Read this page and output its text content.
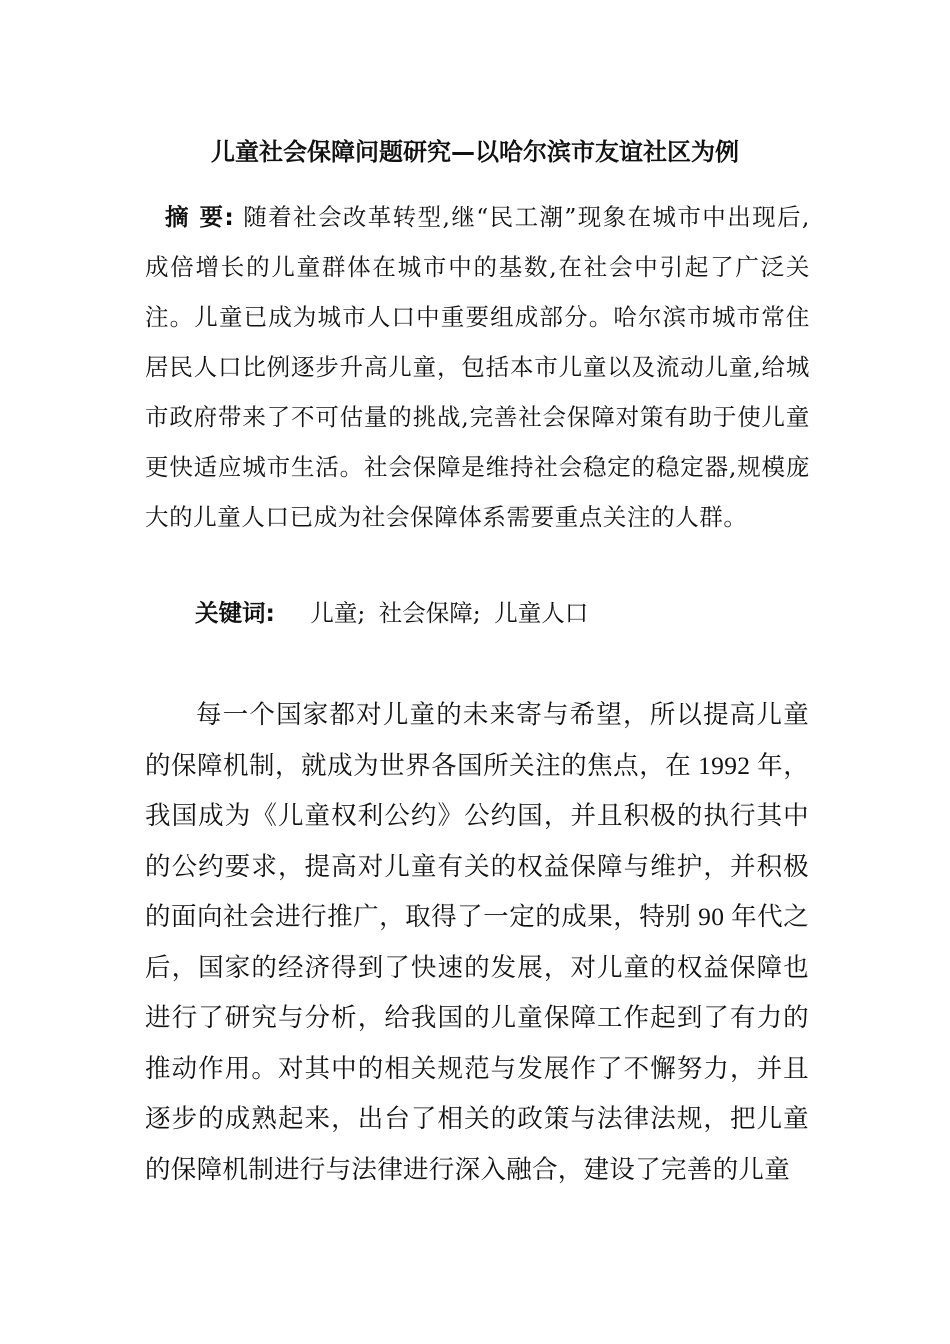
儿童社会保障问题研究—以哈尔滨市友谊社区为例
摘 要: 随着社会改革转型,继“民工潮”现象在城市中出现后,成倍增长的儿童群体在城市中的基数,在社会中引起了广泛关注。儿童已成为城市人口中重要组成部分。哈尔滨市城市常住居民人口比例逐步升高儿童，包括本市儿童以及流动儿童,给城市政府带来了不可估量的挑战,完善社会保障对策有助于使儿童更快适应城市生活。社会保障是维持社会稳定的稳定器,规模庞大的儿童人口已成为社会保障体系需要重点关注的人群。
关键词: 儿童; 社会保障; 儿童人口
每一个国家都对儿童的未来寄与希望，所以提高儿童的保障机制，就成为世界各国所关注的焦点，在 1992 年，我国成为《儿童权利公约》公约国，并且积极的执行其中的公约要求，提高对儿童有关的权益保障与维护，并积极的面向社会进行推广，取得了一定的成果，特别 90 年代之后，国家的经济得到了快速的发展，对儿童的权益保障也进行了研究与分析，给我国的儿童保障工作起到了有力的推动作用。对其中的相关规范与发展作了不懈努力，并且逐步的成熟起来，出台了相关的政策与法律法规，把儿童的保障机制进行与法律进行深入融合，建设了完善的儿童
